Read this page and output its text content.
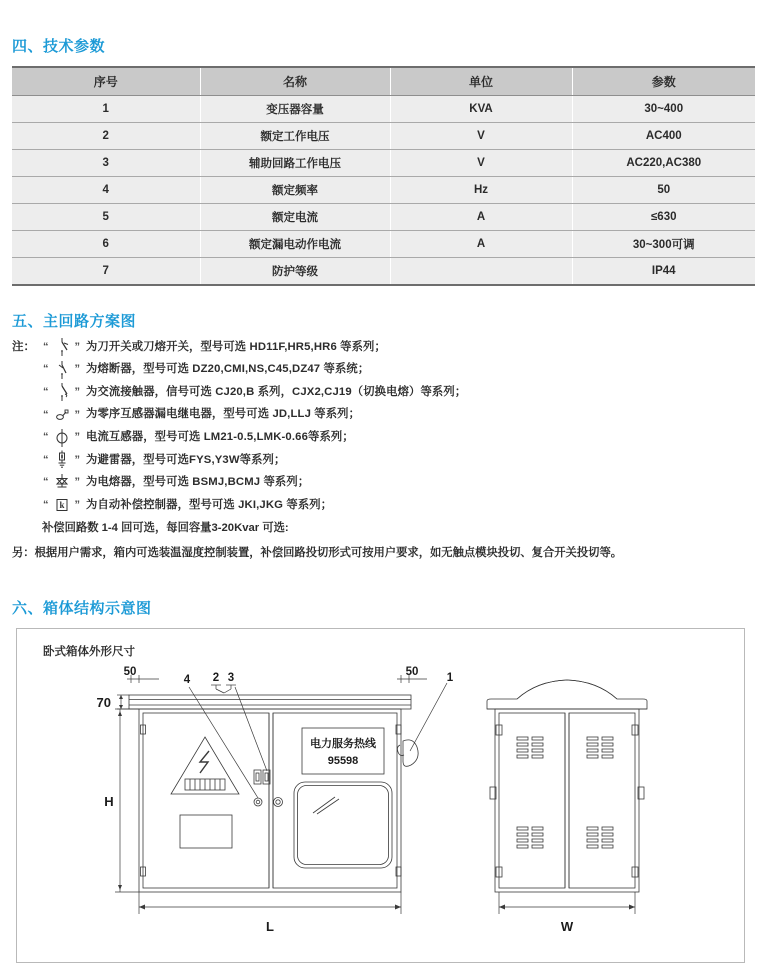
四、技术参数
序号	名称	单位	参数
1	变压器容量	KVA	30~400
2	额定工作电压	V	AC400
3	辅助回路工作电压	V	AC220,AC380
4	额定频率	Hz	50
5	额定电流	A	≤630
6	额定漏电动作电流	A	30~300可调
7	防护等级		IP44
五、主回路方案图
注： “ ” 为刀开关或刀熔开关，型号可选 HD11F,HR5,HR6 等系列；
“ ” 为熔断器，型号可选 DZ20,CMI,NS,C45,DZ47 等系统；
“ ” 为交流接触器，信号可选 CJ20,B 系列，CJX2,CJ19（切换电熔）等系列；
“ ” 为零序互感器漏电继电器，型号可选 JD,LLJ 等系列；
“ ” 电流互感器，型号可选 LM21-0.5,LMK-0.66等系列；
“ ” 为避雷器，型号可选FYS,Y3W等系列；
“ ” 为电熔器，型号可选 BSMJ,BCMJ 等系列；
“ k ” 为自动补偿控制器，型号可选 JKI,JKG 等系列；
补偿回路数 1-4 回可选，每回容量3-20Kvar 可选:
另：根据用户需求，箱内可选装温湿度控制装置，补偿回路投切形式可按用户要求，如无触点模块投切、复合开关投切等。
六、箱体结构示意图
卧式箱体外形尺寸
50	50
70
H
L	W
4 2 3	1
电力服务热线
95598
